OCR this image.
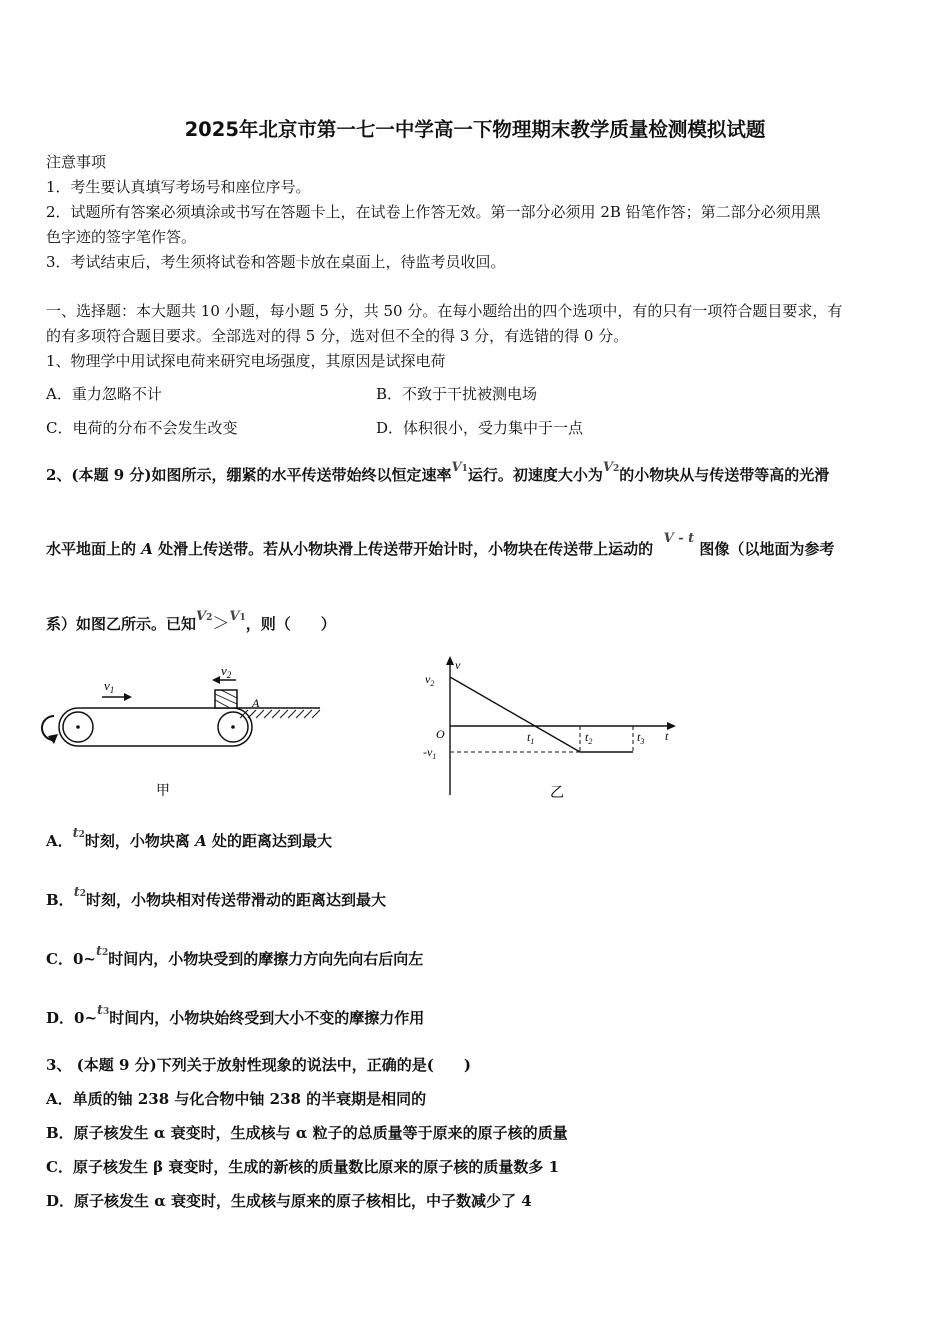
2025年北京市第一七一中学高一下物理期末教学质量检测模拟试题
注意事项
1．考生要认真填写考场号和座位序号。
2．试题所有答案必须填涂或书写在答题卡上，在试卷上作答无效。第一部分必须用 2B 铅笔作答；第二部分必须用黑
色字迹的签字笔作答。
3．考试结束后，考生须将试卷和答题卡放在桌面上，待监考员收回。
一、选择题：本大题共 10 小题，每小题 5 分，共 50 分。在每小题给出的四个选项中，有的只有一项符合题目要求，有
的有多项符合题目要求。全部选对的得 5 分，选对但不全的得 3 分，有选错的得 0 分。
1、物理学中用试探电荷来研究电场强度，其原因是试探电荷
A．重力忽略不计	B．不致于干扰被测电场
C．电荷的分布不会发生改变	D．体积很小，受力集中于一点
2、(本题 9 分)如图所示，绷紧的水平传送带始终以恒定速率V1运行。初速度大小为V2的小物块从与传送带等高的光滑
水平地面上的 A 处滑上传送带。若从小物块滑上传送带开始计时，小物块在传送带上运动的  V - t 图像（以地面为参考
系）如图乙所示。已知V2＞V1，则（　　）
$v_1$
$v_2$
A
甲
v
$v_2$
O
$-v_1$
$t_1$	$t_2$	$t_3$ t
乙
A．t2时刻，小物块离 A 处的距离达到最大
B．t2时刻，小物块相对传送带滑动的距离达到最大
C．0~t2时间内，小物块受到的摩擦力方向先向右后向左
D．0~t3时间内，小物块始终受到大小不变的摩擦力作用
3、 (本题 9 分)下列关于放射性现象的说法中，正确的是(　　)
A．单质的铀 238 与化合物中铀 238 的半衰期是相同的
B．原子核发生 α 衰变时，生成核与 α 粒子的总质量等于原来的原子核的质量
C．原子核发生 β 衰变时，生成的新核的质量数比原来的原子核的质量数多 1
D．原子核发生 α 衰变时，生成核与原来的原子核相比，中子数减少了 4
